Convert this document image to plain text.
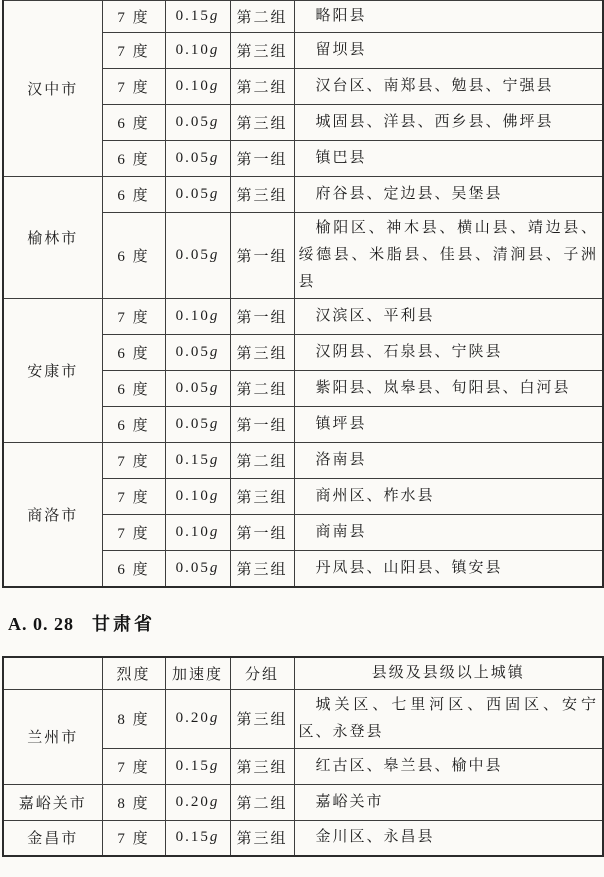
汉中市	7 度	0.15g	第二组	略阳县
	7 度	0.10g	第三组	留坝县
	7 度	0.10g	第二组	汉台区、南郑县、勉县、宁强县
	6 度	0.05g	第三组	城固县、洋县、西乡县、佛坪县
	6 度	0.05g	第一组	镇巴县
榆林市	6 度	0.05g	第三组	府谷县、定边县、吴堡县
	6 度	0.05g	第一组	榆阳区、神木县、横山县、靖边县、绥德县、米脂县、佳县、清涧县、子洲县
安康市	7 度	0.10g	第一组	汉滨区、平利县
	6 度	0.05g	第三组	汉阴县、石泉县、宁陕县
	6 度	0.05g	第二组	紫阳县、岚皋县、旬阳县、白河县
	6 度	0.05g	第一组	镇坪县
商洛市	7 度	0.15g	第二组	洛南县
	7 度	0.10g	第三组	商州区、柞水县
	7 度	0.10g	第一组	商南县
	6 度	0.05g	第三组	丹凤县、山阳县、镇安县
A. 0. 28 甘肃省
	烈度	加速度	分组	县级及县级以上城镇
兰州市	8 度	0.20g	第三组	城关区、七里河区、西固区、安宁区、永登县
	7 度	0.15g	第三组	红古区、皋兰县、榆中县
嘉峪关市	8 度	0.20g	第二组	嘉峪关市
金昌市	7 度	0.15g	第三组	金川区、永昌县
